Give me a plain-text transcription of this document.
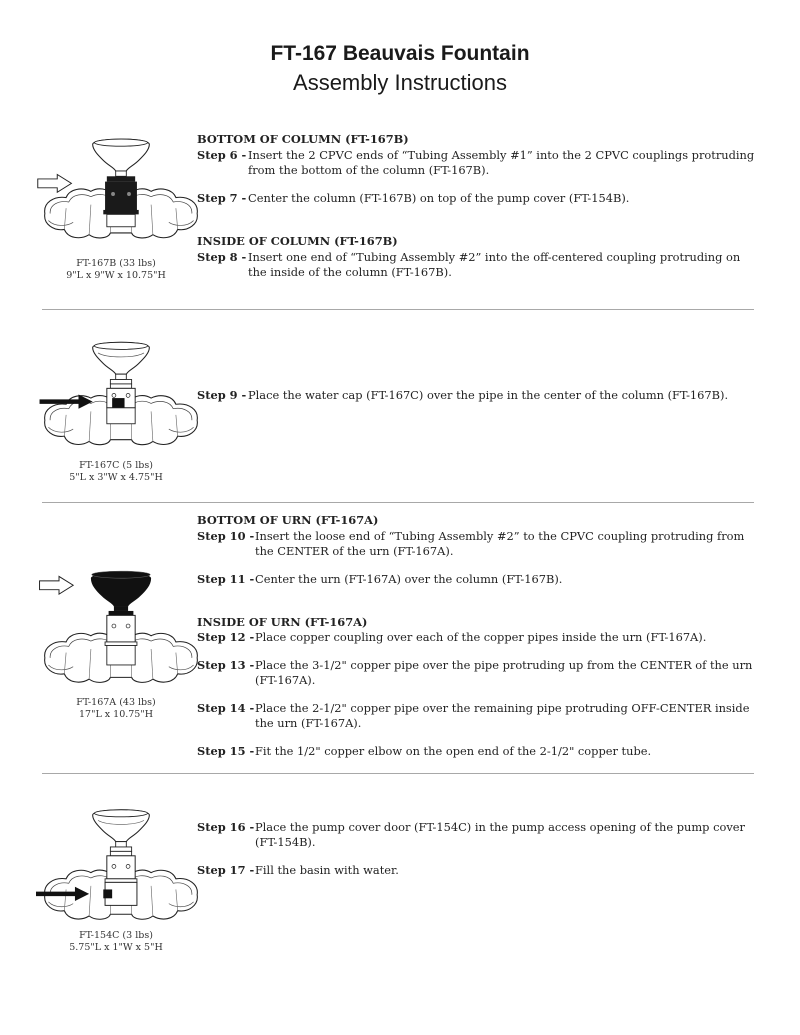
FT-167 Beauvais Fountain
Assembly Instructions
FT-167B (33 lbs)
9"L x 9"W x 10.75"H
BOTTOM OF COLUMN (FT-167B)
Step 6 - Insert the 2 CPVC ends of “Tubing Assembly #1” into the 2 CPVC couplings protruding from the bottom of the column (FT-167B).
Step 7 - Center the column (FT-167B) on top of the pump cover (FT-154B).
INSIDE OF COLUMN (FT-167B)
Step 8 - Insert one end of “Tubing Assembly #2” into the off-centered coupling protruding on the inside of the column (FT-167B).
FT-167C (5 lbs)
5"L x 3"W x 4.75"H
Step 9 - Place the water cap (FT-167C) over the pipe in the center of the column (FT-167B).
FT-167A (43 lbs)
17"L x 10.75"H
BOTTOM OF URN (FT-167A)
Step 10 - Insert the loose end of “Tubing Assembly #2” to the CPVC coupling protruding from the CENTER of the urn (FT-167A).
Step 11 - Center the urn (FT-167A) over the column (FT-167B).
INSIDE OF URN (FT-167A)
Step 12 - Place copper coupling over each of the copper pipes inside the urn (FT-167A).
Step 13 - Place the 3-1/2" copper pipe over the pipe protruding up from the CENTER of the urn (FT-167A).
Step 14 - Place the 2-1/2" copper pipe over the remaining pipe protruding OFF-CENTER inside the urn (FT-167A).
Step 15 - Fit the 1/2" copper elbow on the open end of the 2-1/2" copper tube.
FT-154C (3 lbs)
5.75"L x 1"W x 5"H
Step 16 - Place the pump cover door (FT-154C) in the pump access opening of the pump cover (FT-154B).
Step 17 - Fill the basin with water.
